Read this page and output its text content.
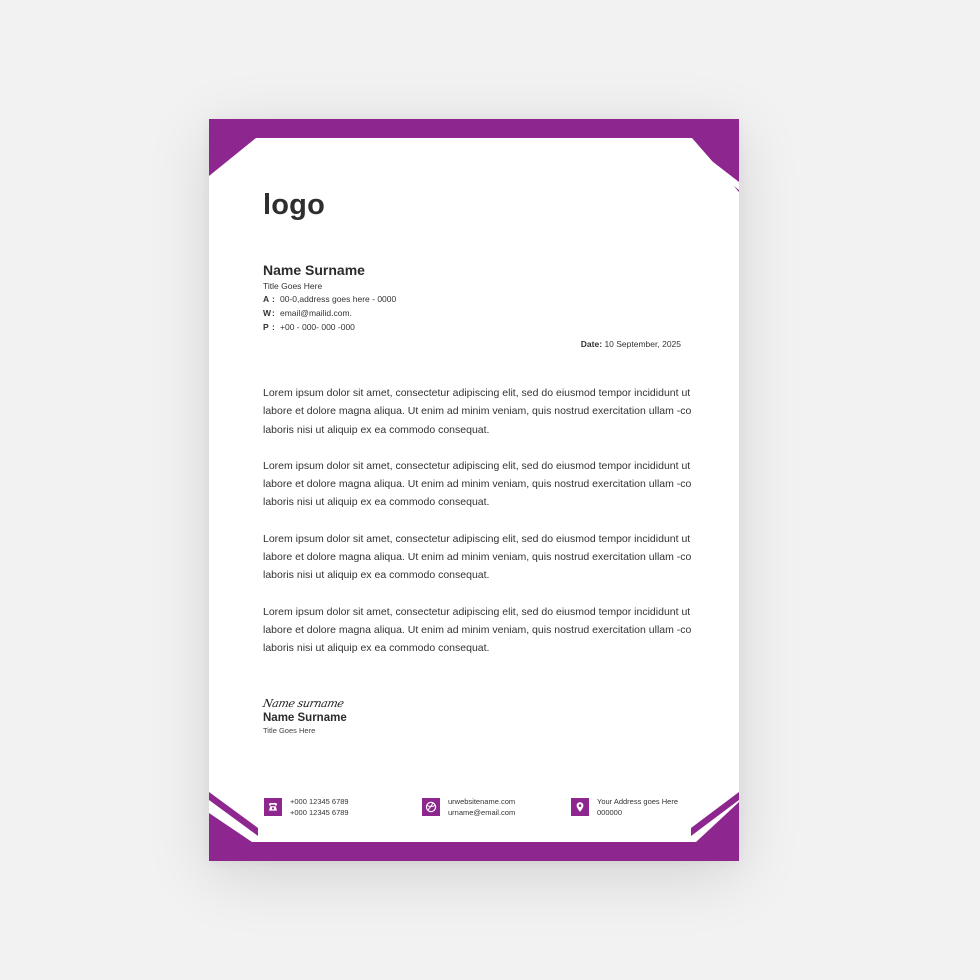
logo
Name Surname
Title Goes Here
A : 00-0,address goes here - 0000
W : email@mailid.com.
P : +00 - 000- 000 -000
Date: 10 September, 2025

Lorem ipsum dolor sit amet, consectetur adipiscing elit, sed do eiusmod tempor incididunt ut labore et dolore magna aliqua. Ut enim ad minim veniam, quis nostrud exercitation ullam -co laboris nisi ut aliquip ex ea commodo consequat.

Lorem ipsum dolor sit amet, consectetur adipiscing elit, sed do eiusmod tempor incididunt ut labore et dolore magna aliqua. Ut enim ad minim veniam, quis nostrud exercitation ullam -co laboris nisi ut aliquip ex ea commodo consequat.

Lorem ipsum dolor sit amet, consectetur adipiscing elit, sed do eiusmod tempor incididunt ut labore et dolore magna aliqua. Ut enim ad minim veniam, quis nostrud exercitation ullam -co laboris nisi ut aliquip ex ea commodo consequat.

Lorem ipsum dolor sit amet, consectetur adipiscing elit, sed do eiusmod tempor incididunt ut labore et dolore magna aliqua. Ut enim ad minim veniam, quis nostrud exercitation ullam -co laboris nisi ut aliquip ex ea commodo consequat.

Name surname
Name Surname
Title Goes Here
+000 12345 6789
+000 12345 6789
urwebsitename.com
urname@email.com
Your Address goes Here
000000
